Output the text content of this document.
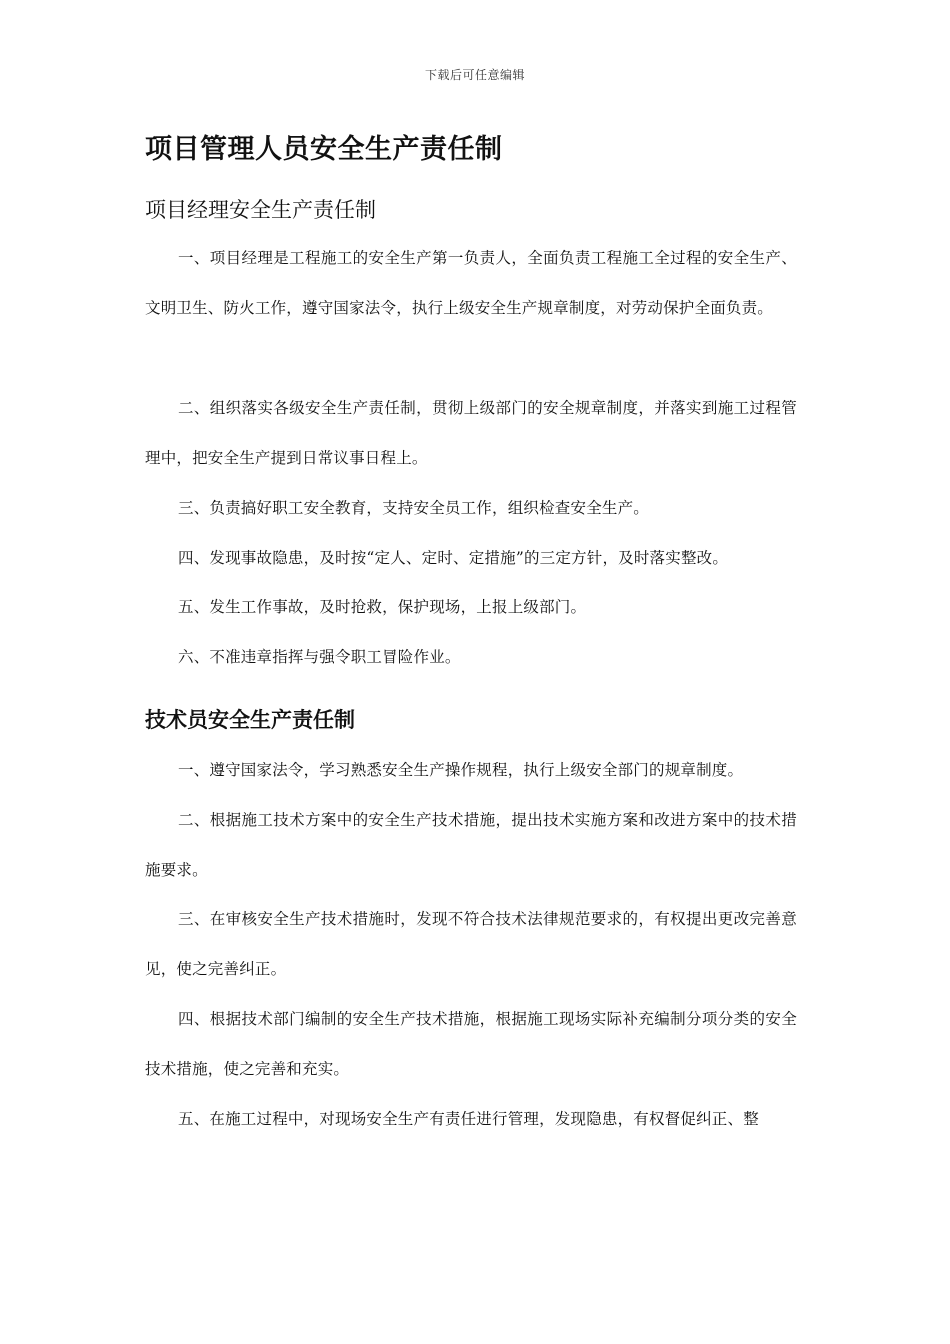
下载后可任意编辑
项目管理人员安全生产责任制
项目经理安全生产责任制

一、项目经理是工程施工的安全生产第一负责人，全面负责工程施工全过程的安全生产、文明卫生、防火工作，遵守国家法令，执行上级安全生产规章制度，对劳动保护全面负责。

二、组织落实各级安全生产责任制，贯彻上级部门的安全规章制度，并落实到施工过程管理中，把安全生产提到日常议事日程上。

三、负责搞好职工安全教育，支持安全员工作，组织检查安全生产。

四、发现事故隐患，及时按“定人、定时、定措施”的三定方针，及时落实整改。

五、发生工作事故，及时抢救，保护现场，上报上级部门。

六、不准违章指挥与强令职工冒险作业。

技术员安全生产责任制

一、遵守国家法令，学习熟悉安全生产操作规程，执行上级安全部门的规章制度。

二、根据施工技术方案中的安全生产技术措施，提出技术实施方案和改进方案中的技术措施要求。

三、在审核安全生产技术措施时，发现不符合技术法律规范要求的，有权提出更改完善意见，使之完善纠正。

四、根据技术部门编制的安全生产技术措施，根据施工现场实际补充编制分项分类的安全技术措施，使之完善和充实。

五、在施工过程中，对现场安全生产有责任进行管理，发现隐患，有权督促纠正、整
